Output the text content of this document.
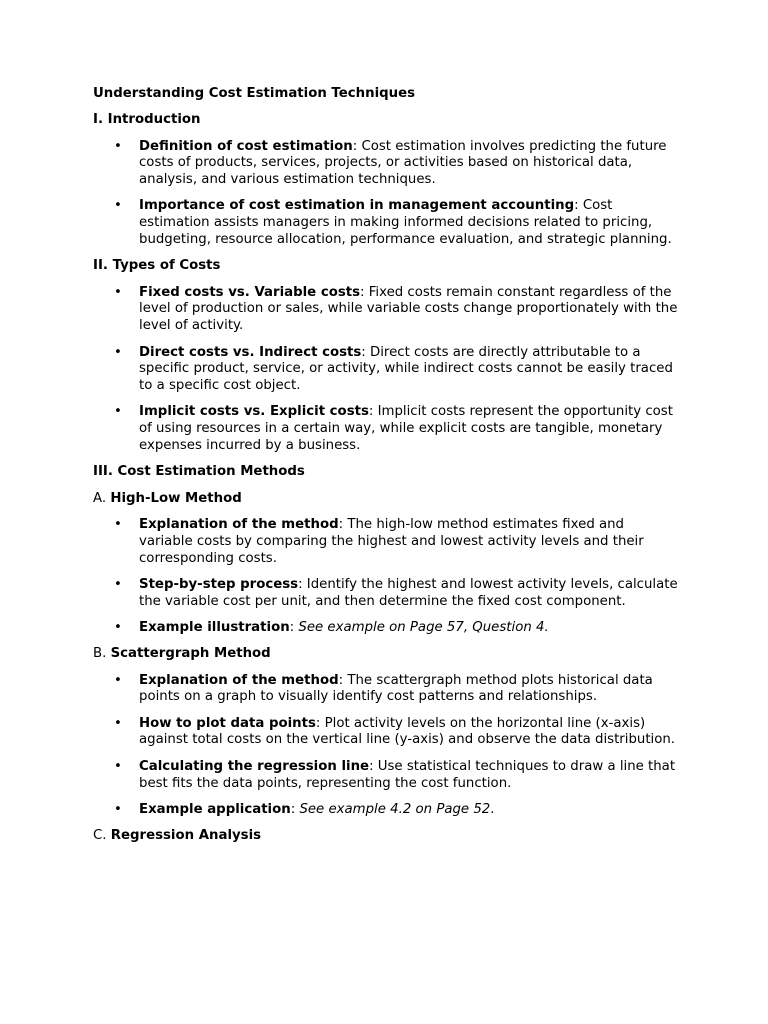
Understanding Cost Estimation Techniques
I. Introduction
• Definition of cost estimation: Cost estimation involves predicting the future costs of products, services, projects, or activities based on historical data, analysis, and various estimation techniques.
• Importance of cost estimation in management accounting: Cost estimation assists managers in making informed decisions related to pricing, budgeting, resource allocation, performance evaluation, and strategic planning.
II. Types of Costs
• Fixed costs vs. Variable costs: Fixed costs remain constant regardless of the level of production or sales, while variable costs change proportionately with the level of activity.
• Direct costs vs. Indirect costs: Direct costs are directly attributable to a specific product, service, or activity, while indirect costs cannot be easily traced to a specific cost object.
• Implicit costs vs. Explicit costs: Implicit costs represent the opportunity cost of using resources in a certain way, while explicit costs are tangible, monetary expenses incurred by a business.
III. Cost Estimation Methods
A. High-Low Method
• Explanation of the method: The high-low method estimates fixed and variable costs by comparing the highest and lowest activity levels and their corresponding costs.
• Step-by-step process: Identify the highest and lowest activity levels, calculate the variable cost per unit, and then determine the fixed cost component.
• Example illustration: See example on Page 57, Question 4.
B. Scattergraph Method
• Explanation of the method: The scattergraph method plots historical data points on a graph to visually identify cost patterns and relationships.
• How to plot data points: Plot activity levels on the horizontal line (x-axis) against total costs on the vertical line (y-axis) and observe the data distribution.
• Calculating the regression line: Use statistical techniques to draw a line that best fits the data points, representing the cost function.
• Example application: See example 4.2 on Page 52.
C. Regression Analysis
